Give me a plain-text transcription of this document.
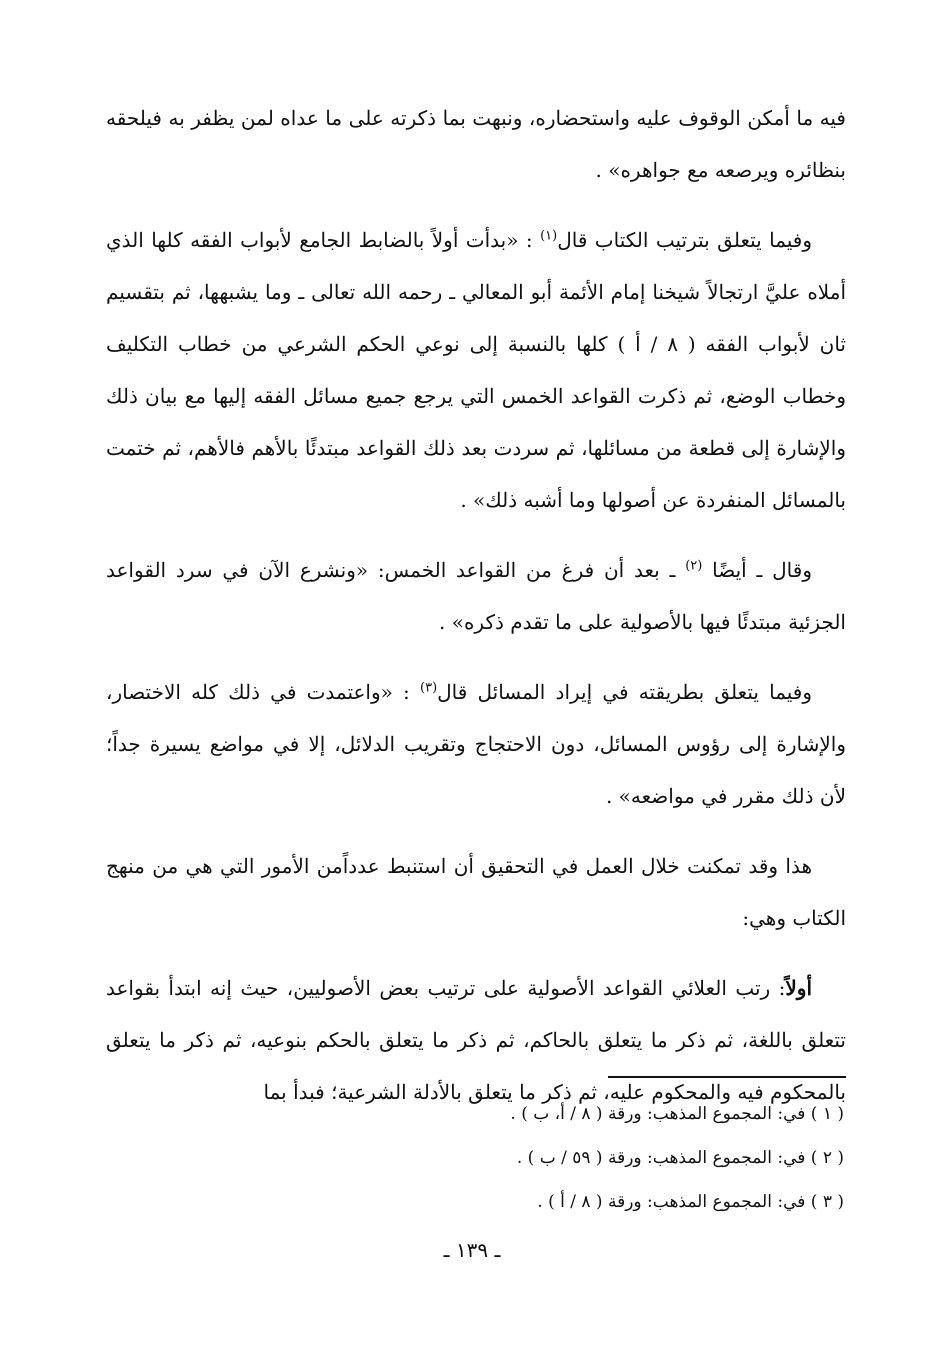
فيه ما أمكن الوقوف عليه واستحضاره، ونبهت بما ذكرته على ما عداه لمن يظفر به فيلحقه بنظائره ويرصعه مع جواهره» .

وفيما يتعلق بترتيب الكتاب قال$^{(١)}$ : «بدأت أولاً بالضابط الجامع لأبواب الفقه كلها الذي أملاه عليَّ ارتجالاً شيخنا إمام الأئمة أبو المعالي ـ رحمه الله تعالى ـ وما يشبهها، ثم بتقسيم ثان لأبواب الفقه ( ٨ / أ ) كلها بالنسبة إلى نوعي الحكم الشرعي من خطاب التكليف وخطاب الوضع، ثم ذكرت القواعد الخمس التي يرجع جميع مسائل الفقه إليها مع بيان ذلك والإشارة إلى قطعة من مسائلها، ثم سردت بعد ذلك القواعد مبتدئًا بالأهم فالأهم، ثم ختمت بالمسائل المنفردة عن أصولها وما أشبه ذلك» .

وقال ـ أيضًا $^{(٢)}$ ـ بعد أن فرغ من القواعد الخمس: «ونشرع الآن في سرد القواعد الجزئية مبتدئًا فيها بالأصولية على ما تقدم ذكره» .

وفيما يتعلق بطريقته في إيراد المسائل قال$^{(٣)}$ : «واعتمدت في ذلك كله الاختصار، والإشارة إلى رؤوس المسائل، دون الاحتجاج وتقريب الدلائل، إلا في مواضع يسيرة جداً؛ لأن ذلك مقرر في مواضعه» .

هذا وقد تمكنت خلال العمل في التحقيق أن استنبط عدداًمن الأمور التي هي من منهج الكتاب وهي:

أولاً: رتب العلائي القواعد الأصولية على ترتيب بعض الأصوليين، حيث إنه ابتدأ بقواعد تتعلق باللغة، ثم ذكر ما يتعلق بالحاكم، ثم ذكر ما يتعلق بالحكم بنوعيه، ثم ذكر ما يتعلق بالمحكوم فيه والمحكوم عليه، ثم ذكر ما يتعلق بالأدلة الشرعية؛ فبدأ بما

( ١ ) في: المجموع المذهب: ورقة ( ٨ / أ، ب ) .

( ٢ ) في: المجموع المذهب: ورقة ( ٥٩ / ب ) .

( ٣ ) في: المجموع المذهب: ورقة ( ٨ / أ ) .

ـ ١٣٩ ـ
